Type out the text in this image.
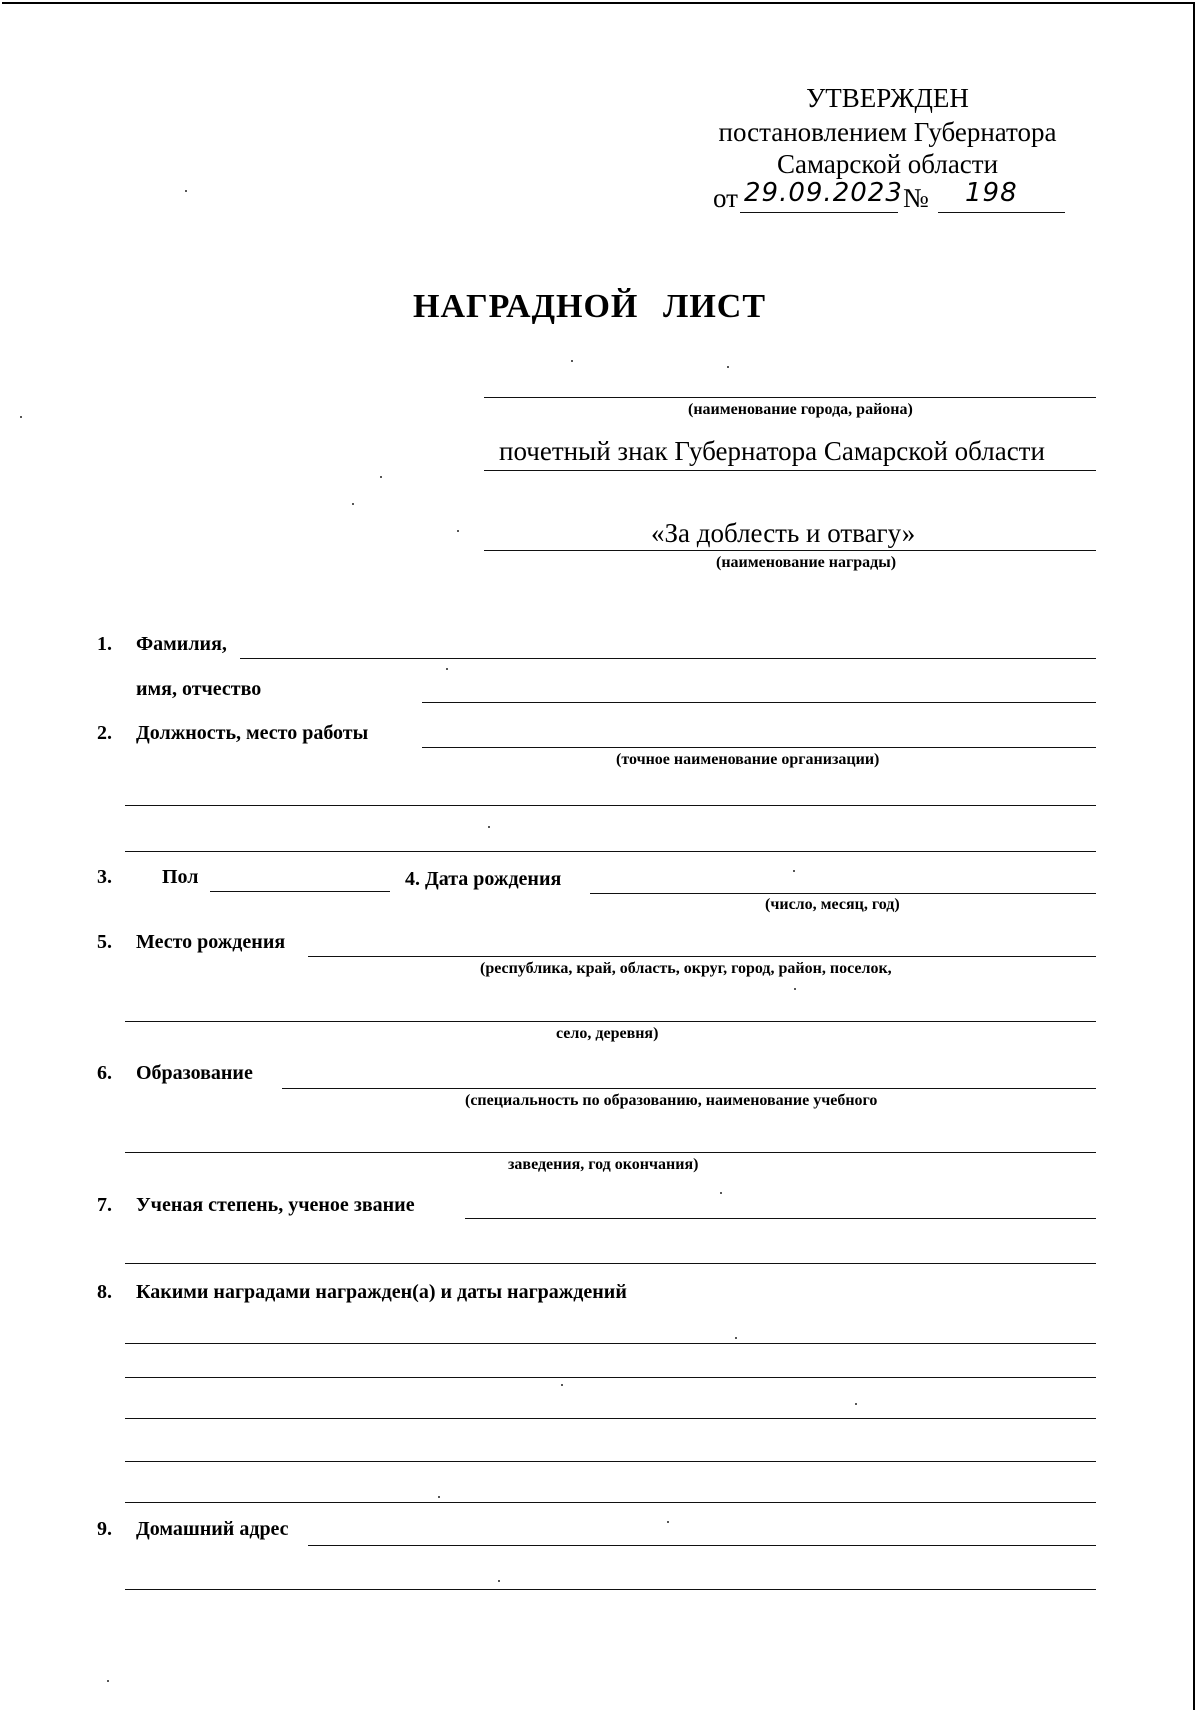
УТВЕРЖДЕН
постановлением Губернатора
Самарской области
от 29.09.2023 № 198
НАГРАДНОЙ ЛИСТ
(наименование города, района)
почетный знак Губернатора Самарской области
«За доблесть и отвагу»
(наименование награды)
1. Фамилия,
имя, отчество
2. Должность, место работы
(точное наименование организации)
3.	Пол	4. Дата рождения
(число, месяц, год)
5. Место рождения
(республика, край, область, округ, город, район, поселок,
село, деревня)
6. Образование
(специальность по образованию, наименование учебного
заведения, год окончания)
7. Ученая степень, ученое звание
8. Какими наградами награжден(а) и даты награждений
9. Домашний адрес
